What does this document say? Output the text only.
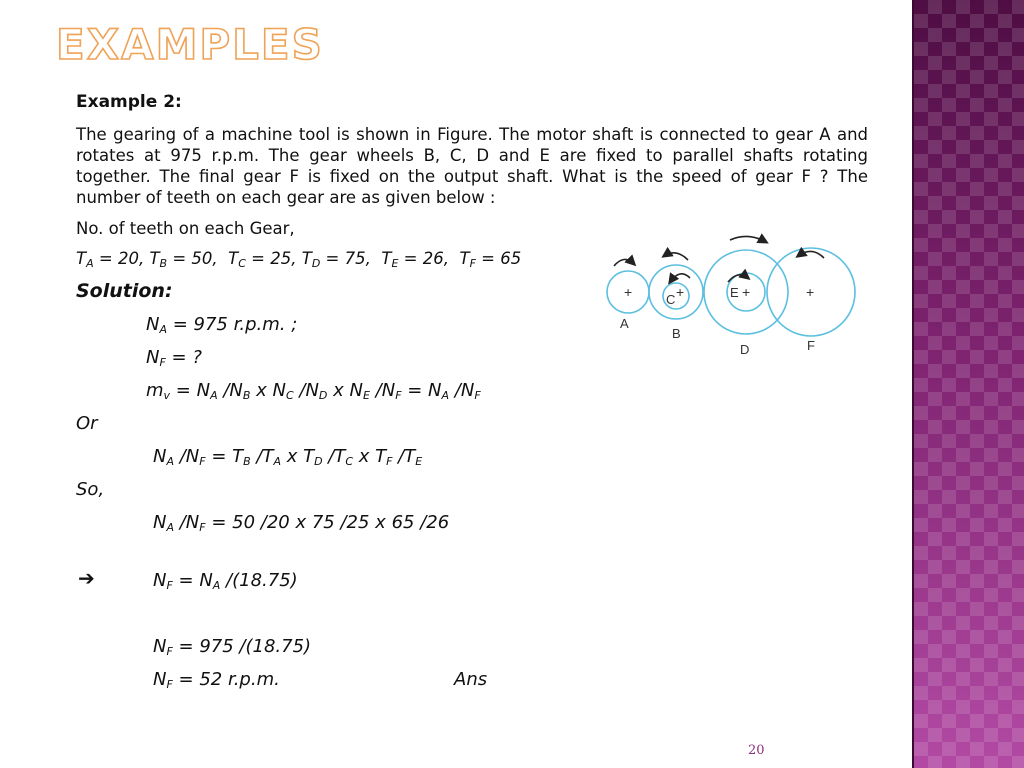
EXAMPLES
Example 2:
The gearing of a machine tool is shown in Figure. The motor shaft is connected to gear A and rotates at 975 r.p.m. The gear wheels B, C, D and E are fixed to parallel shafts rotating together. The final gear F is fixed on the output shaft. What is the speed of gear F ? The number of teeth on each gear are as given below :
No. of teeth on each Gear,
$T_A = 20$, $T_B = 50$,  $T_C = 25$, $T_D = 75$,  $T_E = 26$,  $T_F = 65$
Solution:
$N_A = 975$ r.p.m. ;
$N_F$ = ?
$m_v = N_A$ $/N_B$ x $N_C$ $/N_D$ x $N_E$ $/N_F = N_A$ $/N_F$
Or
$N_A$ $/N_F = T_B$ $/T_A$ x $T_D$ $/T_C$ x $T_F$ $/T_E$
So,
$N_A$ $/N_F = 50$ /20 x 75 /25 x 65 /26
➔	$N_F = N_A$ /(18.75)
$N_F = 975$ /(18.75)
$N_F = 52$ r.p.m.	Ans
+	+	+	+
A
B
C
D
E
F
20
